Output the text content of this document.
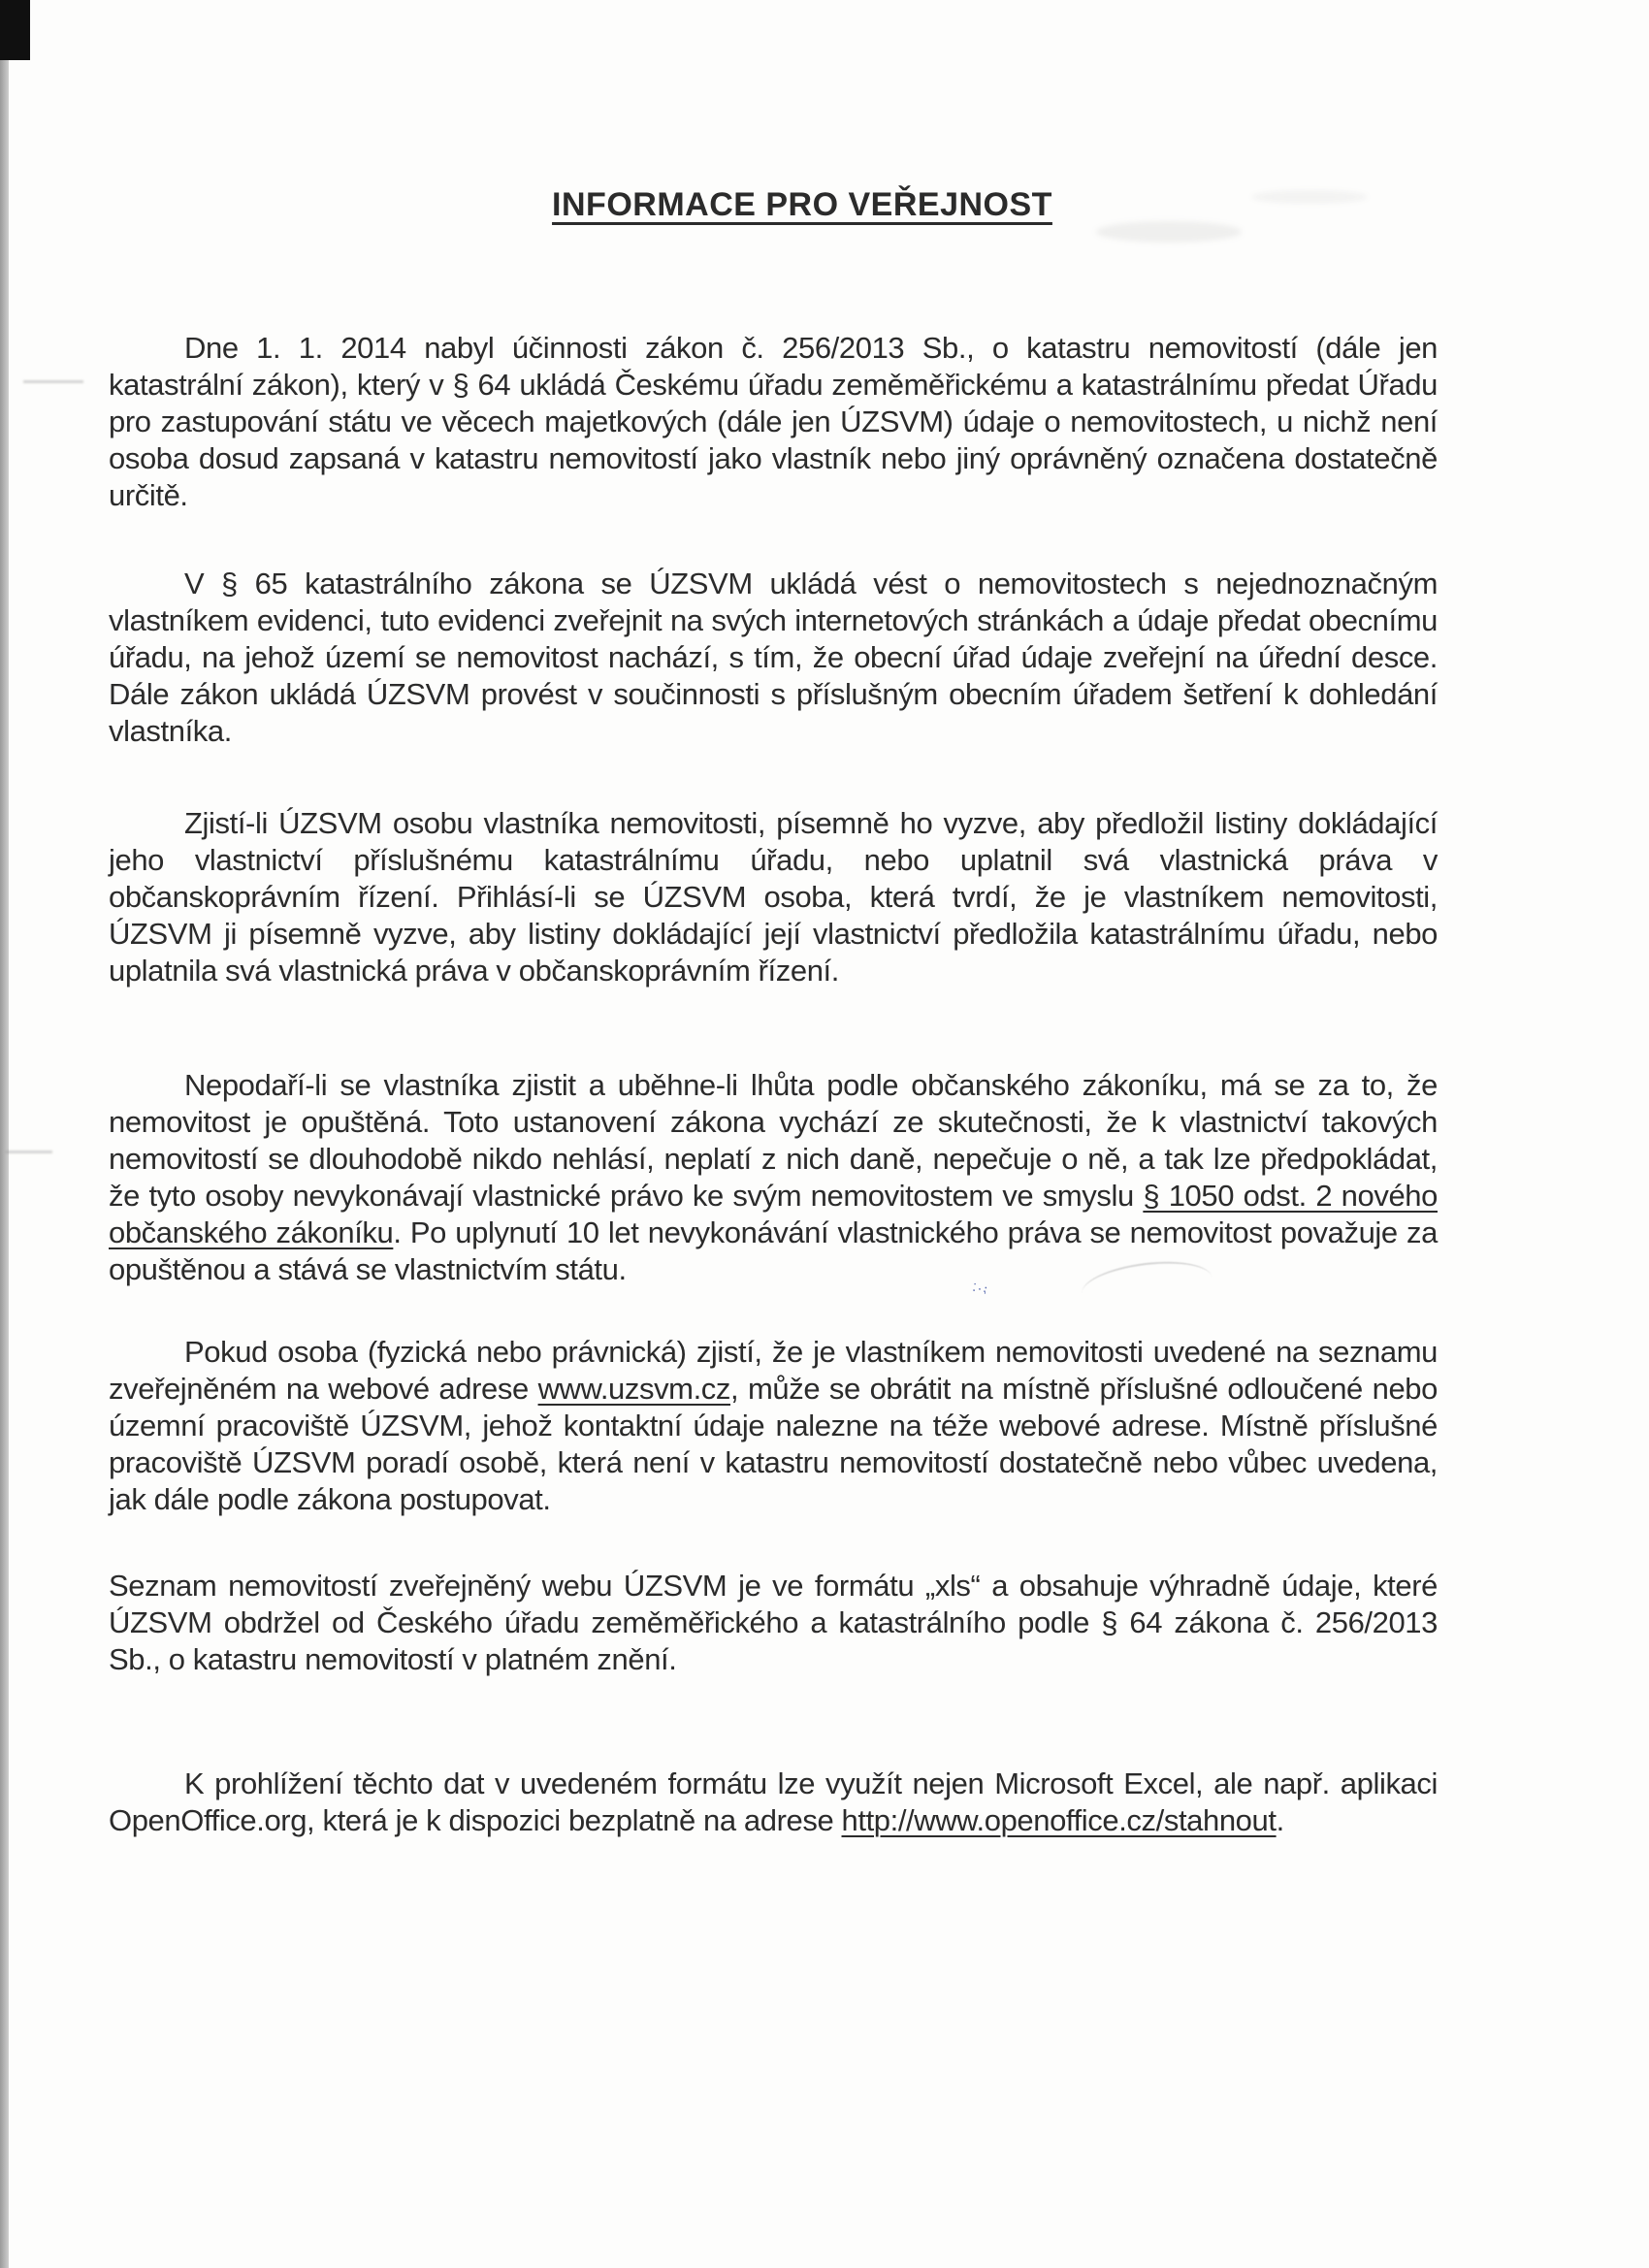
·˙· ‚·
INFORMACE PRO VEŘEJNOST

Dne 1. 1. 2014 nabyl účinnosti zákon č. 256/2013 Sb., o katastru nemovitostí (dále jen katastrální zákon), který v § 64 ukládá Českému úřadu zeměměřickému a katastrálnímu předat Úřadu pro zastupování státu ve věcech majetkových (dále jen ÚZSVM) údaje o nemovitostech, u nichž není osoba dosud zapsaná v katastru nemovitostí jako vlastník nebo jiný oprávněný označena dostatečně určitě.

V § 65 katastrálního zákona se ÚZSVM ukládá vést o nemovitostech s nejednoznačným vlastníkem evidenci, tuto evidenci zveřejnit na svých internetových stránkách a údaje předat obecnímu úřadu, na jehož území se nemovitost nachází, s tím, že obecní úřad údaje zveřejní na úřední desce. Dále zákon ukládá ÚZSVM provést v součinnosti s příslušným obecním úřadem šetření k dohledání vlastníka.

Zjistí-li ÚZSVM osobu vlastníka nemovitosti, písemně ho vyzve, aby předložil listiny dokládající jeho vlastnictví příslušnému katastrálnímu úřadu, nebo uplatnil svá vlastnická práva v občanskoprávním řízení. Přihlásí-li se ÚZSVM osoba, která tvrdí, že je vlastníkem nemovitosti, ÚZSVM ji písemně vyzve, aby listiny dokládající její vlastnictví předložila katastrálnímu úřadu, nebo uplatnila svá vlastnická práva v občanskoprávním řízení.

Nepodaří-li se vlastníka zjistit a uběhne-li lhůta podle občanského zákoníku, má se za to, že nemovitost je opuštěná. Toto ustanovení zákona vychází ze skutečnosti, že k vlastnictví takových nemovitostí se dlouhodobě nikdo nehlásí, neplatí z nich daně, nepečuje o ně, a tak lze předpokládat, že tyto osoby nevykonávají vlastnické právo ke svým nemovitostem ve smyslu § 1050 odst. 2 nového občanského zákoníku. Po uplynutí 10 let nevykonávání vlastnického práva se nemovitost považuje za opuštěnou a stává se vlastnictvím státu.

Pokud osoba (fyzická nebo právnická) zjistí, že je vlastníkem nemovitosti uvedené na seznamu zveřejněném na webové adrese www.uzsvm.cz, může se obrátit na místně příslušné odloučené nebo územní pracoviště ÚZSVM, jehož kontaktní údaje nalezne na téže webové adrese. Místně příslušné pracoviště ÚZSVM poradí osobě, která není v katastru nemovitostí dostatečně nebo vůbec uvedena, jak dále podle zákona postupovat.

Seznam nemovitostí zveřejněný webu ÚZSVM je ve formátu „xls“ a obsahuje výhradně údaje, které ÚZSVM obdržel od Českého úřadu zeměměřického a katastrálního podle § 64 zákona č. 256/2013 Sb., o katastru nemovitostí v platném znění.

K prohlížení těchto dat v uvedeném formátu lze využít nejen Microsoft Excel, ale např. aplikaci OpenOffice.org, která je k dispozici bezplatně na adrese http://www.openoffice.cz/stahnout.
